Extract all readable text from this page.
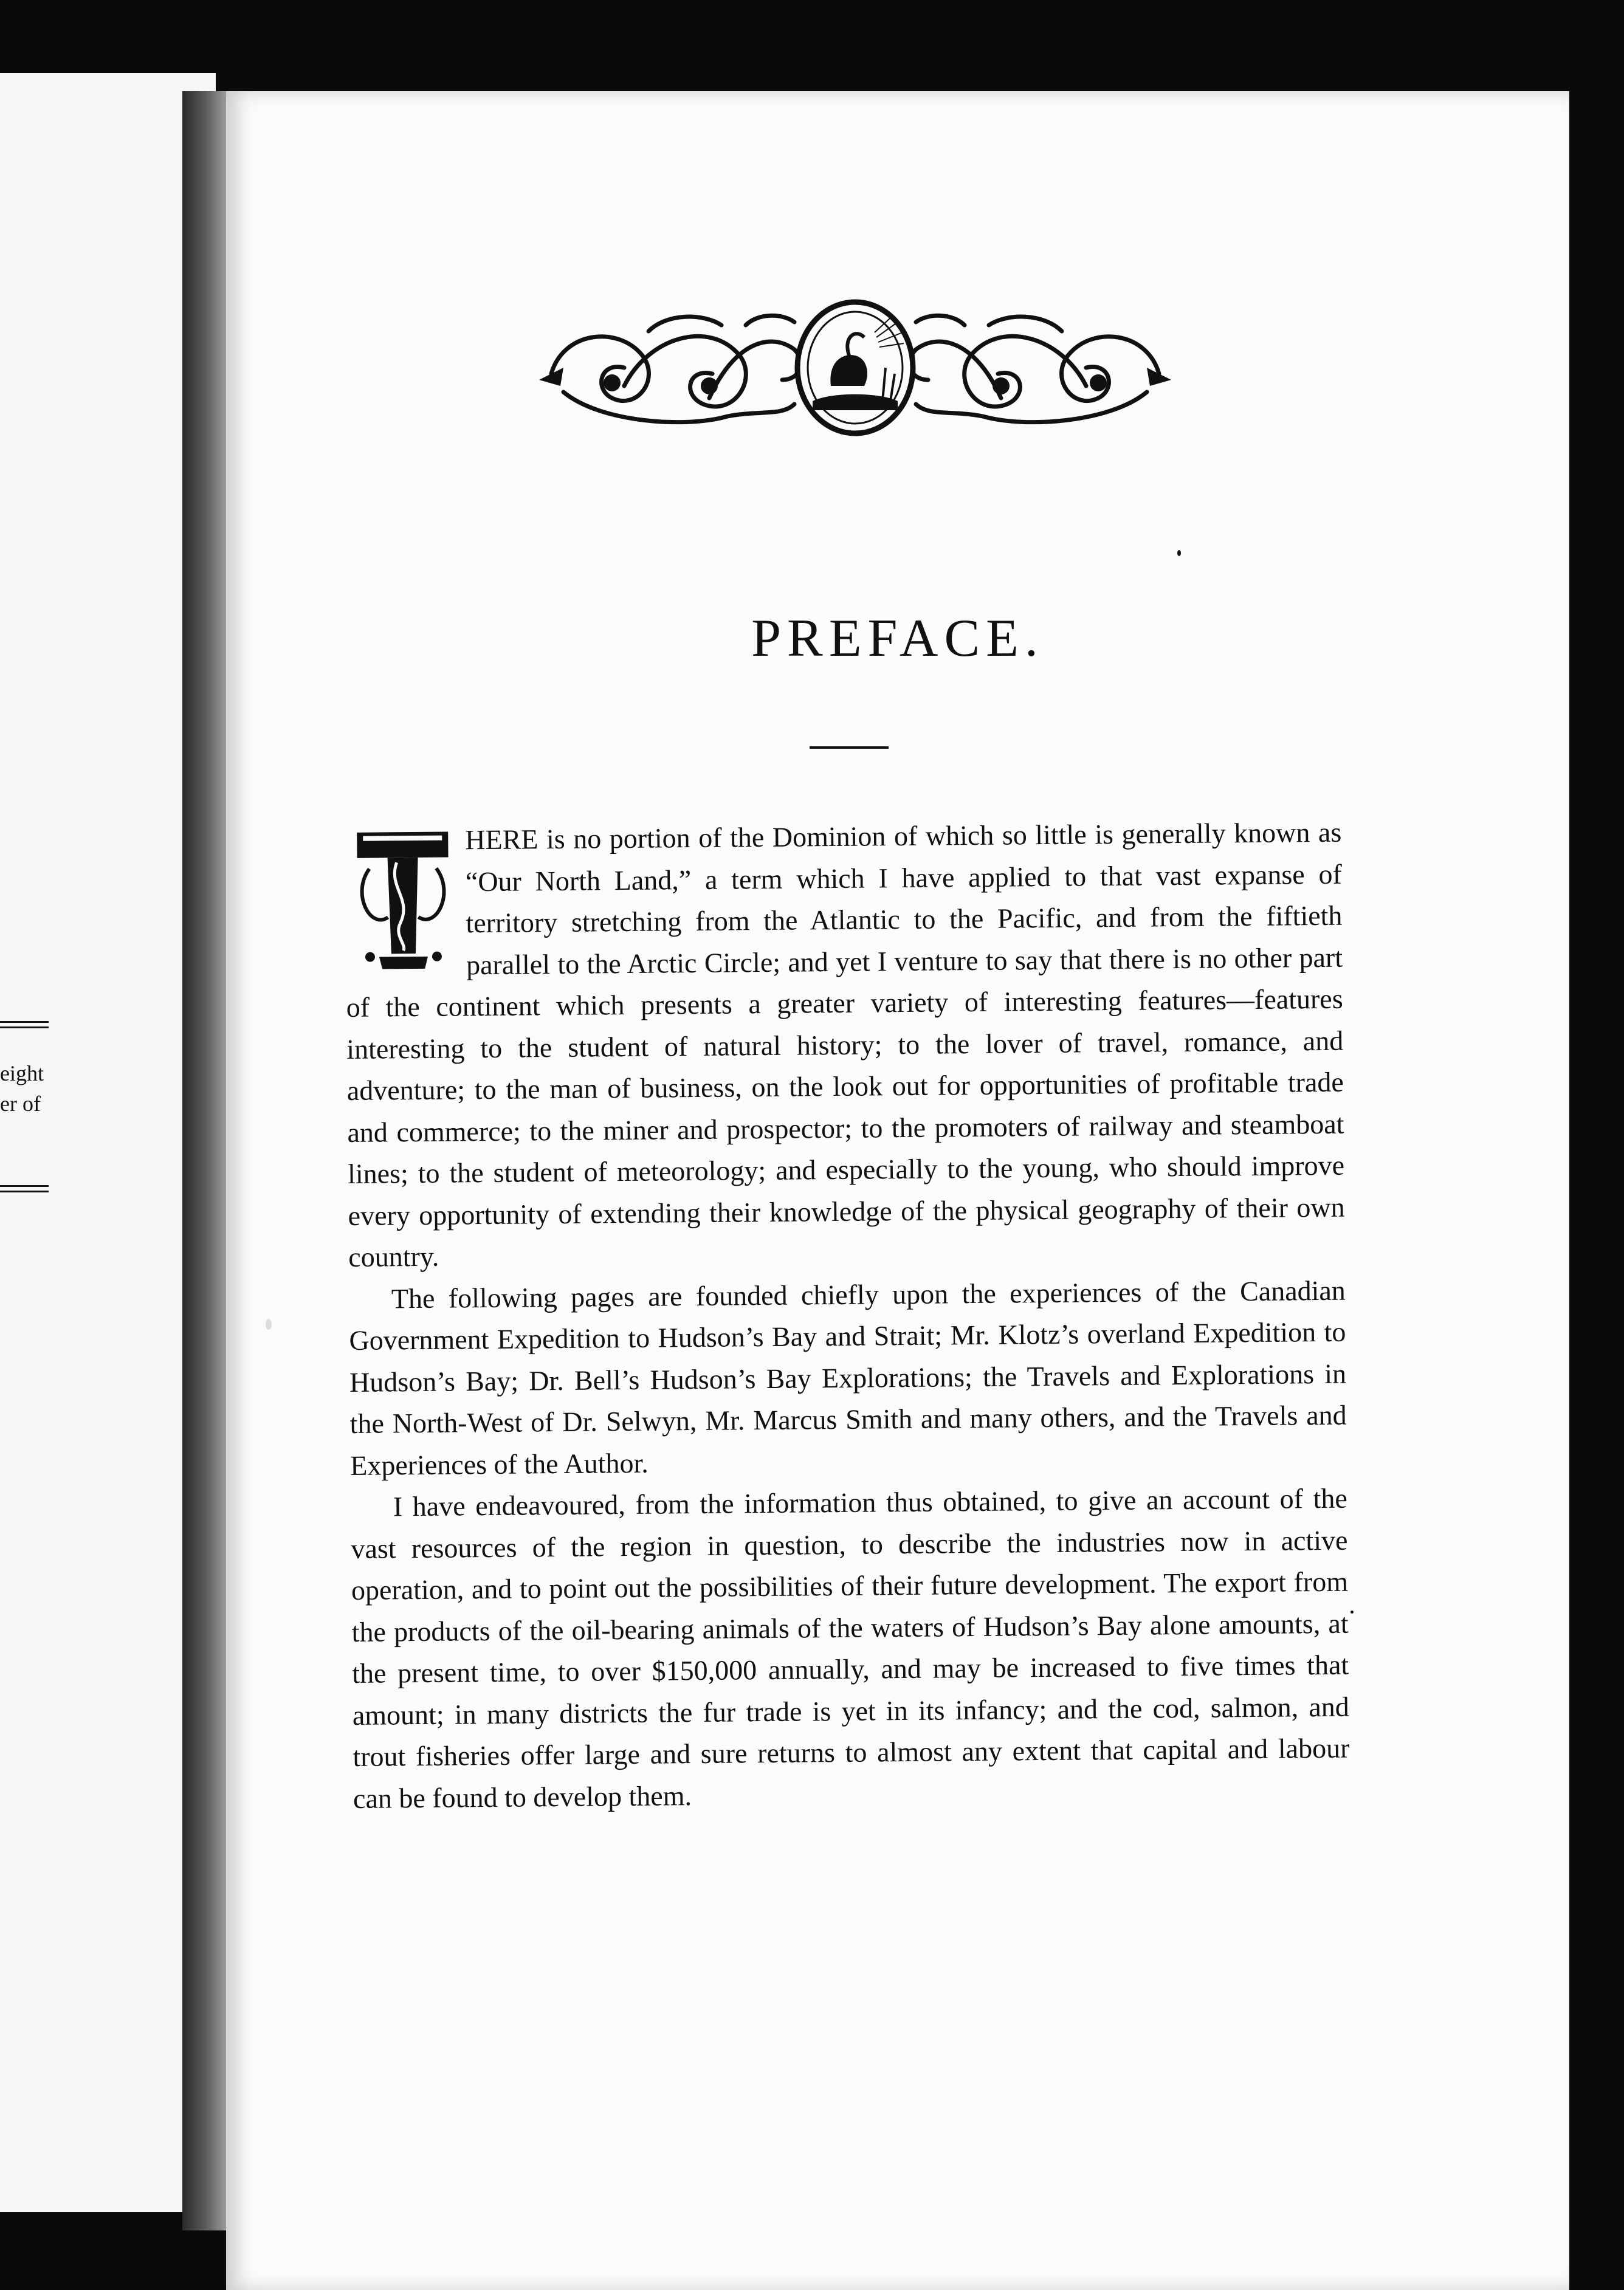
eight
er of
PREFACE.
T

HERE is no portion of the Dominion of which so little is generally known as “Our North Land,” a term which I have applied to that vast expanse of territory stretching from the Atlantic to the Pacific, and from the fiftieth parallel to the Arctic Circle; and yet I venture to say that there is no other part of the continent which presents a greater variety of interesting features—features interesting to the student of natural history; to the lover of travel, romance, and adventure; to the man of business, on the look out for opportunities of profitable trade and commerce; to the miner and prospector; to the promoters of railway and steamboat lines; to the student of meteorology; and especially to the young, who should improve every opportunity of extending their knowledge of the physical geography of their own country.

The following pages are founded chiefly upon the experiences of the Canadian Government Expedition to Hudson’s Bay and Strait; Mr. Klotz’s overland Expedition to Hudson’s Bay; Dr. Bell’s Hudson’s Bay Explorations; the Travels and Explorations in the North-West of Dr. Selwyn, Mr. Marcus Smith and many others, and the Travels and Experiences of the Author.

I have endeavoured, from the information thus obtained, to give an account of the vast resources of the region in question, to describe the industries now in active operation, and to point out the possibilities of their future development. The export from the products of the oil-bearing animals of the waters of Hudson’s Bay alone amounts, at the present time, to over $150,000 annually, and may be increased to five times that amount; in many districts the fur trade is yet in its infancy; and the cod, salmon, and trout fisheries offer large and sure returns to almost any extent that capital and labour can be found to develop them.
